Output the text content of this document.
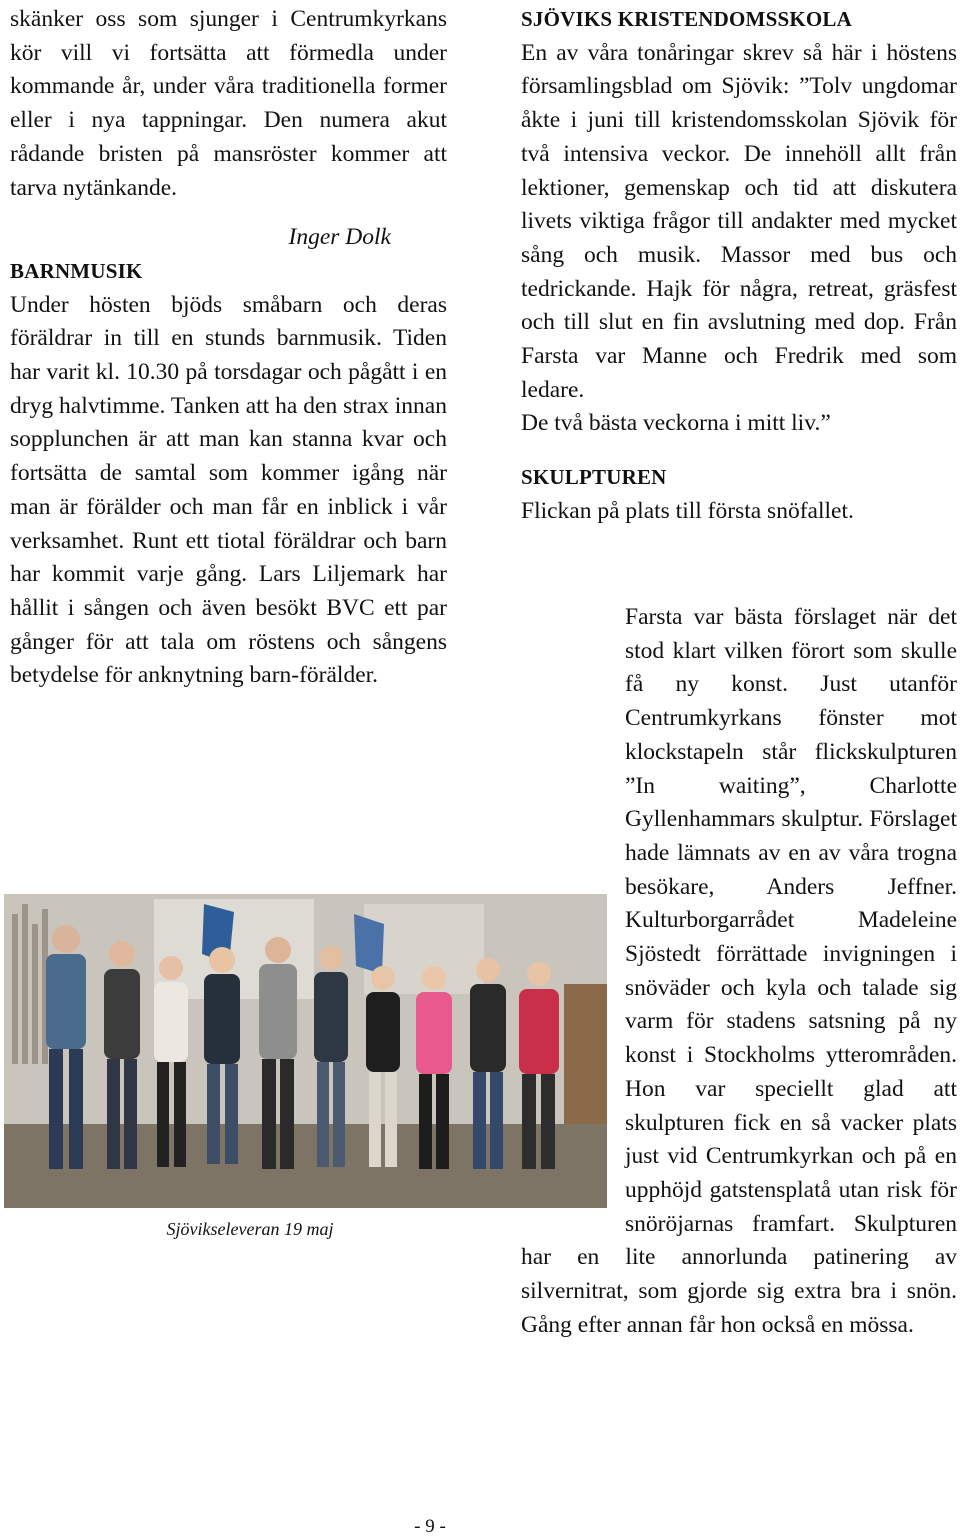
skänker oss som sjunger i Centrumkyrkans kör vill vi fortsätta att förmedla under kommande år, under våra traditionella former eller i nya tappningar. Den numera akut rådande bristen på mansröster kommer att tarva nytänkande.

Inger Dolk

BARNMUSIK

Under hösten bjöds småbarn och deras föräldrar in till en stunds barnmusik. Tiden har varit kl. 10.30 på torsdagar och pågått i en dryg halvtimme. Tanken att ha den strax innan sopplunchen är att man kan stanna kvar och fortsätta de samtal som kommer igång när man är förälder och man får en inblick i vår verksamhet. Runt ett tiotal föräldrar och barn har kommit varje gång. Lars Liljemark har hållit i sången och även besökt BVC ett par gånger för att tala om röstens och sångens betydelse för anknytning barn-förälder.

SJÖVIKS KRISTENDOMSSKOLA

En av våra tonåringar skrev så här i höstens församlingsblad om Sjövik: ”Tolv ungdomar åkte i juni till kristendomsskolan Sjövik för två intensiva veckor. De innehöll allt från lektioner, gemenskap och tid att diskutera livets viktiga frågor till andakter med mycket sång och musik. Massor med bus och tedrickande. Hajk för några, retreat, gräsfest och till slut en fin avslutning med dop. Från Farsta var Manne och Fredrik med som ledare.

De två bästa veckorna i mitt liv.”

SKULPTUREN

Flickan på plats till första snöfallet.

Farsta var bästa förslaget när det stod klart vilken förort som skulle få ny konst. Just utanför Centrumkyrkans fönster mot klockstapeln står flickskulpturen ”In waiting”, Charlotte Gyllenhammars skulptur. Förslaget hade lämnats av en av våra trogna besökare, Anders Jeffner. Kulturborgarrådet Madeleine Sjöstedt förrättade invigningen i snöväder och kyla och talade sig varm för stadens satsning på ny konst i Stockholms ytterområden. Hon var speciellt glad att skulpturen fick en så vacker plats just vid Centrumkyrkan och på en upphöjd gatstensplatå utan risk för snöröjarnas framfart. Skulpturen har en lite annorlunda patinering av silvernitrat, som gjorde sig extra bra i snön. Gång efter annan får hon också en mössa.

Sjövikseleveran 19 maj
- 9 -
